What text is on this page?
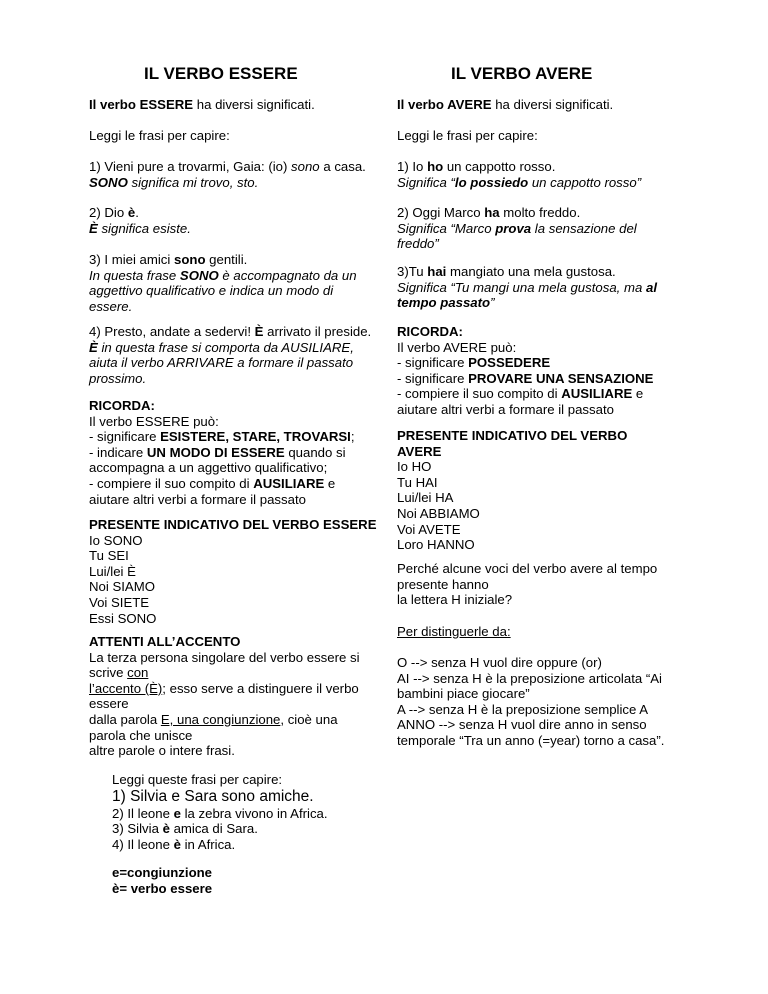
IL VERBO ESSERE
Il verbo ESSERE ha diversi significati.
Leggi le frasi per capire:
1) Vieni pure a trovarmi, Gaia: (io) sono a casa.
SONO significa mi trovo, sto.
2) Dio è.
È significa esiste.
3) I miei amici sono gentili.
In questa frase SONO è accompagnato da un
aggettivo qualificativo e indica un modo di
essere.
4) Presto, andate a sedervi! È arrivato il preside.
È in questa frase si comporta da AUSILIARE,
aiuta il verbo ARRIVARE a formare il passato
prossimo.
RICORDA:
Il verbo ESSERE può:
- significare ESISTERE, STARE, TROVARSI;
- indicare UN MODO DI ESSERE quando si
accompagna a un aggettivo qualificativo;
- compiere il suo compito di AUSILIARE e
aiutare altri verbi a formare il passato
PRESENTE INDICATIVO DEL VERBO ESSERE
Io SONO
Tu SEI
Lui/lei È
Noi SIAMO
Voi SIETE
Essi SONO
ATTENTI ALL’ACCENTO
La terza persona singolare del verbo essere si
scrive con
l’accento (È); esso serve a distinguere il verbo
essere
dalla parola E, una congiunzione, cioè una
parola che unisce
altre parole o intere frasi.
Leggi queste frasi per capire:
1) Silvia e Sara sono amiche.
2) Il leone e la zebra vivono in Africa.
3) Silvia è amica di Sara.
4) Il leone è in Africa.
e=congiunzione
è= verbo essere
IL VERBO AVERE
Il verbo AVERE ha diversi significati.
Leggi le frasi per capire:
1) Io ho un cappotto rosso.
Significa “lo possiedo un cappotto rosso”
2) Oggi Marco ha molto freddo.
Significa “Marco prova la sensazione del
freddo”
3)Tu hai mangiato una mela gustosa.
Significa “Tu mangi una mela gustosa, ma al
tempo passato”
RICORDA:
Il verbo AVERE può:
- significare POSSEDERE
- significare PROVARE UNA SENSAZIONE
- compiere il suo compito di AUSILIARE e
aiutare altri verbi a formare il passato
PRESENTE INDICATIVO DEL VERBO
AVERE
Io HO
Tu HAI
Lui/lei HA
Noi ABBIAMO
Voi AVETE
Loro HANNO
Perché alcune voci del verbo avere al tempo
presente hanno
la lettera H iniziale?
Per distinguerle da:
O --> senza H vuol dire oppure (or)
AI --> senza H è la preposizione articolata “Ai
bambini piace giocare”
A --> senza H è la preposizione semplice A
ANNO --> senza H vuol dire anno in senso
temporale “Tra un anno (=year) torno a casa”.
